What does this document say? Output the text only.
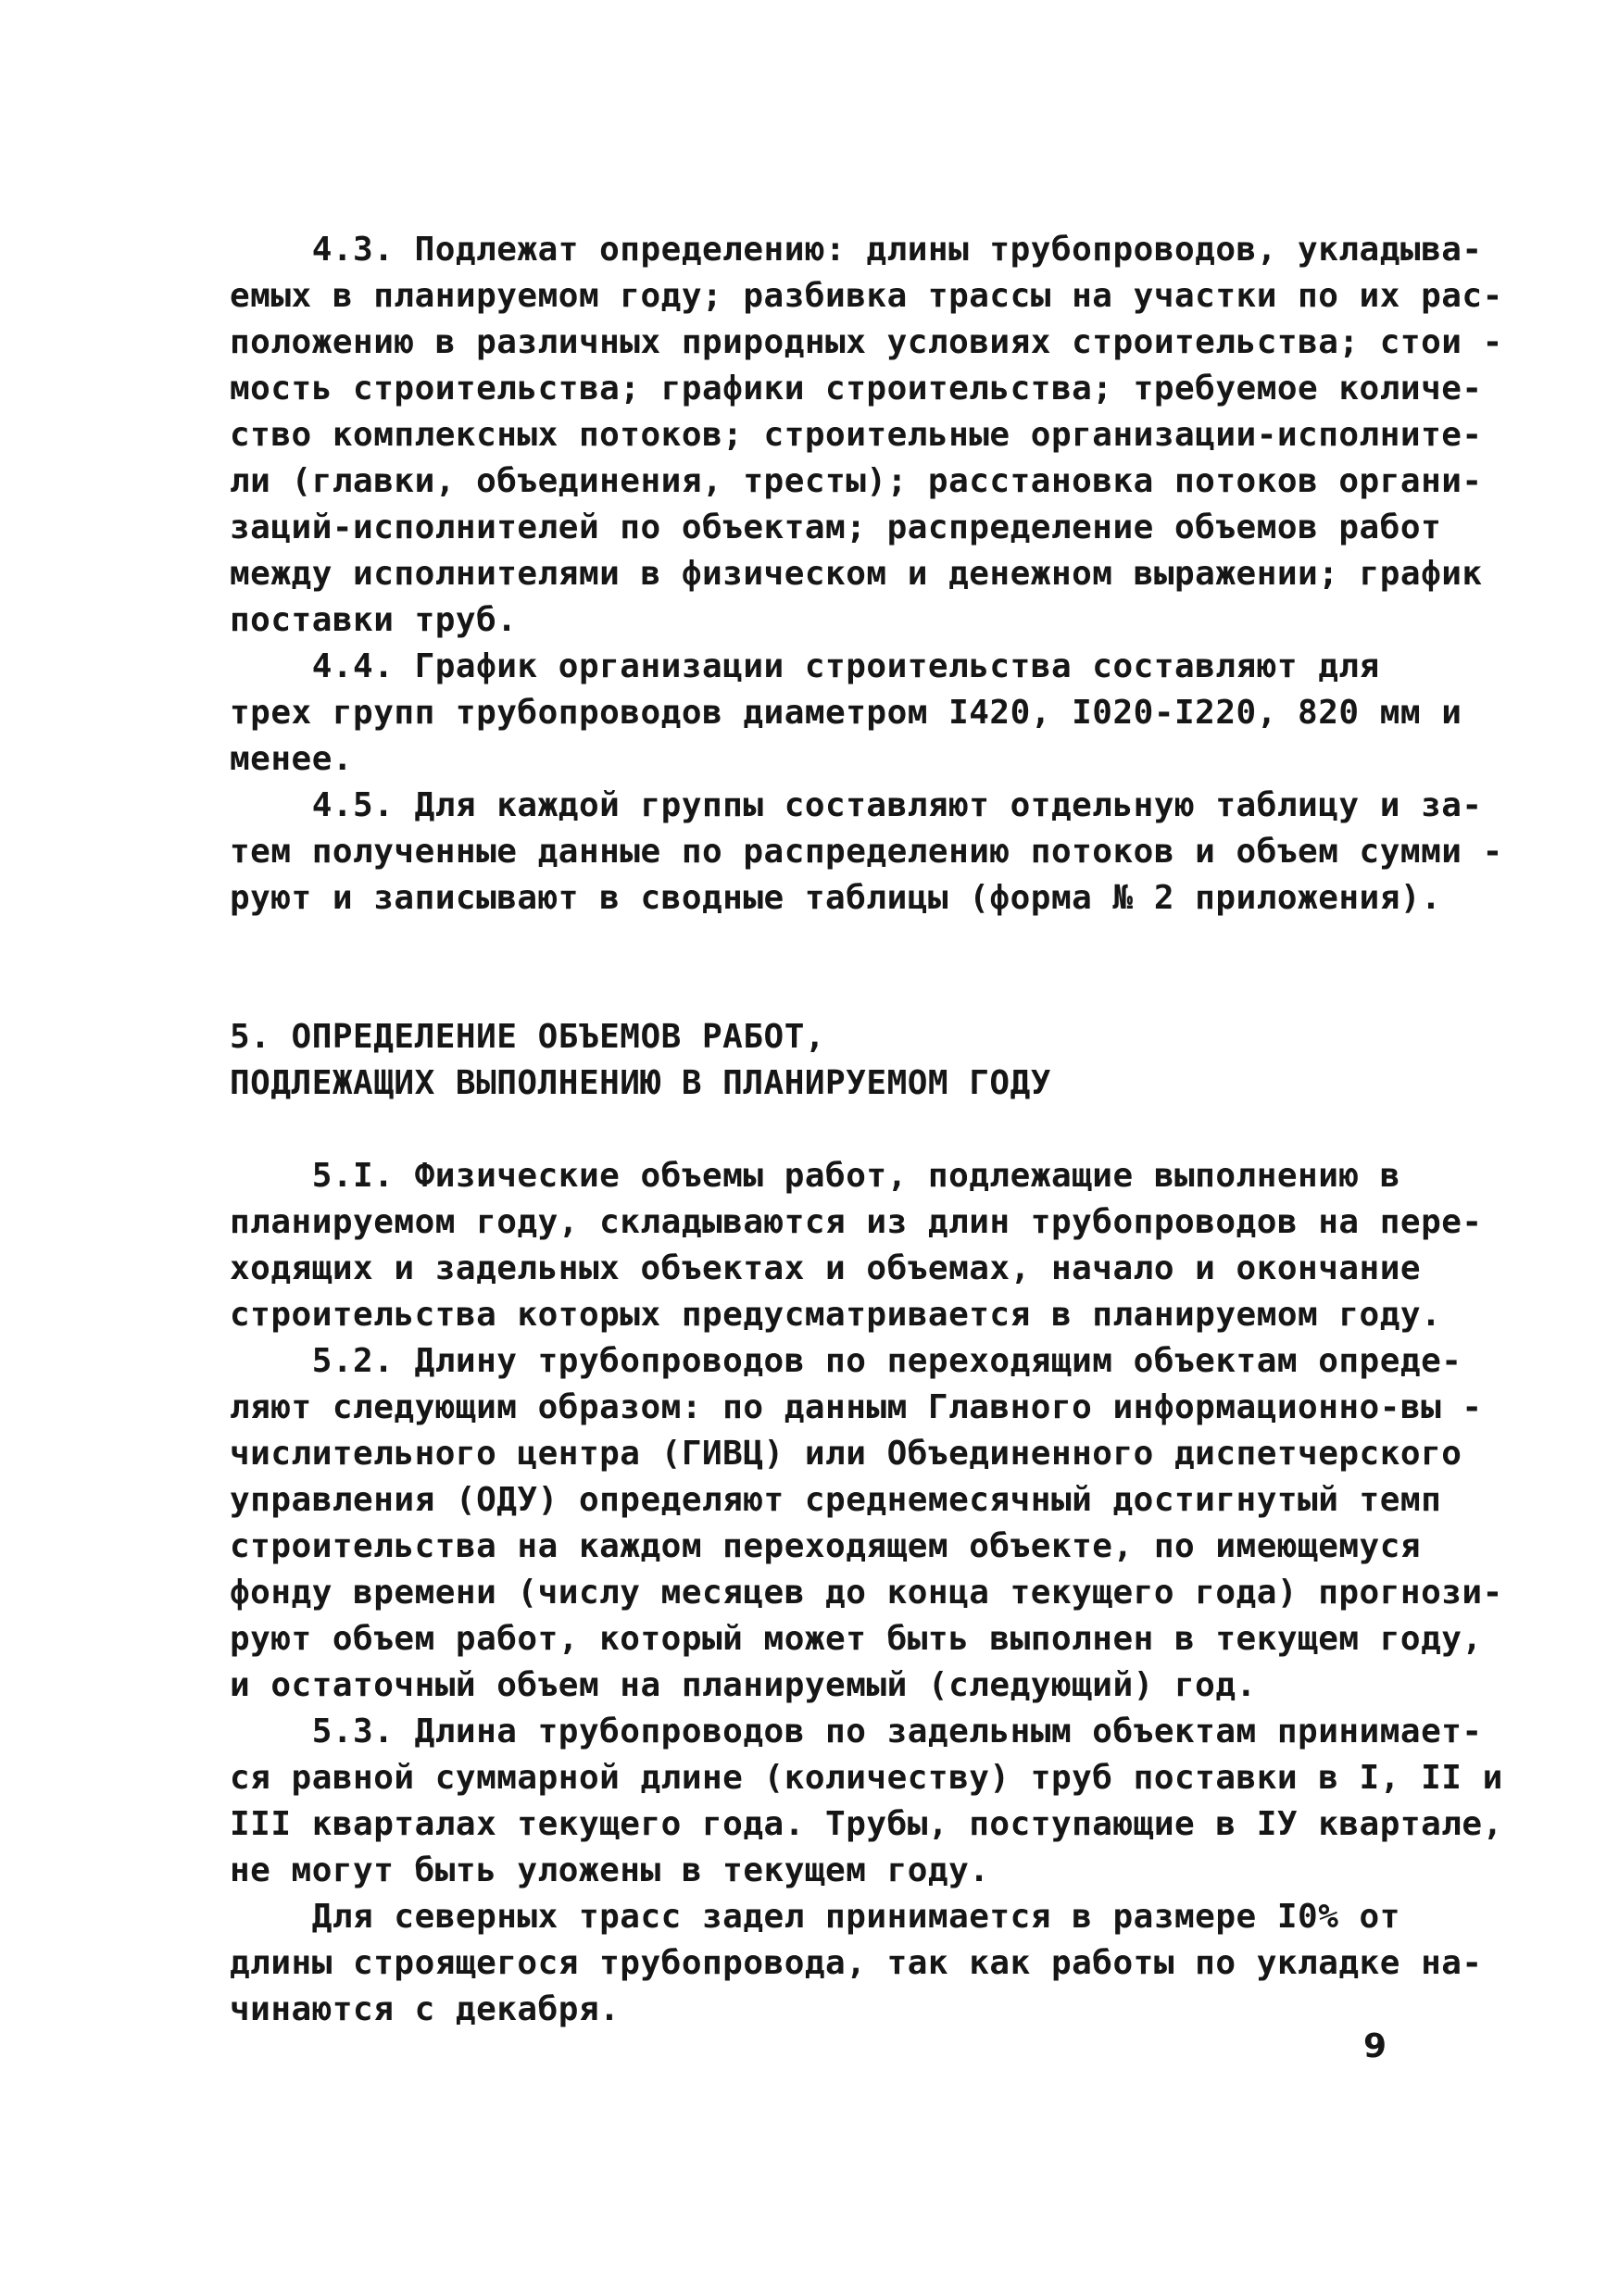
4.3. Подлежат определению: длины трубопроводов, укладыва-
емых в планируемом году; разбивка трассы на участки по их рас-
положению в различных природных условиях строительства; стои -
мость строительства; графики строительства; требуемое количе-
ство комплексных потоков; строительные организации-исполните-
ли (главки, объединения, тресты); расстановка потоков органи-
заций-исполнителей по объектам; распределение объемов работ
между исполнителями в физическом и денежном выражении; график
поставки труб.
4.4. График организации строительства составляют для
трех групп трубопроводов диаметром I420, I020-I220, 820 мм и
менее.
4.5. Для каждой группы составляют отдельную таблицу и за-
тем полученные данные по распределению потоков и объем сумми -
руют и записывают в сводные таблицы (форма № 2 приложения).
5. ОПРЕДЕЛЕНИЕ ОБЪЕМОВ РАБОТ,
ПОДЛЕЖАЩИХ ВЫПОЛНЕНИЮ В ПЛАНИРУЕМОМ ГОДУ
5.I. Физические объемы работ, подлежащие выполнению в
планируемом году, складываются из длин трубопроводов на пере-
ходящих и задельных объектах и объемах, начало и окончание
строительства которых предусматривается в планируемом году.
5.2. Длину трубопроводов по переходящим объектам опреде-
ляют следующим образом: по данным Главного информационно-вы -
числительного центра (ГИВЦ) или Объединенного диспетчерского
управления (ОДУ) определяют среднемесячный достигнутый темп
строительства на каждом переходящем объекте, по имеющемуся
фонду времени (числу месяцев до конца текущего года) прогнози-
руют объем работ, который может быть выполнен в текущем году,
и остаточный объем на планируемый (следующий) год.
5.3. Длина трубопроводов по задельным объектам принимает-
ся равной суммарной длине (количеству) труб поставки в I, II и
III кварталах текущего года. Трубы, поступающие в IУ квартале,
не могут быть уложены в текущем году.
Для северных трасс задел принимается в размере I0% от
длины строящегося трубопровода, так как работы по укладке на-
чинаются с декабря.
9
